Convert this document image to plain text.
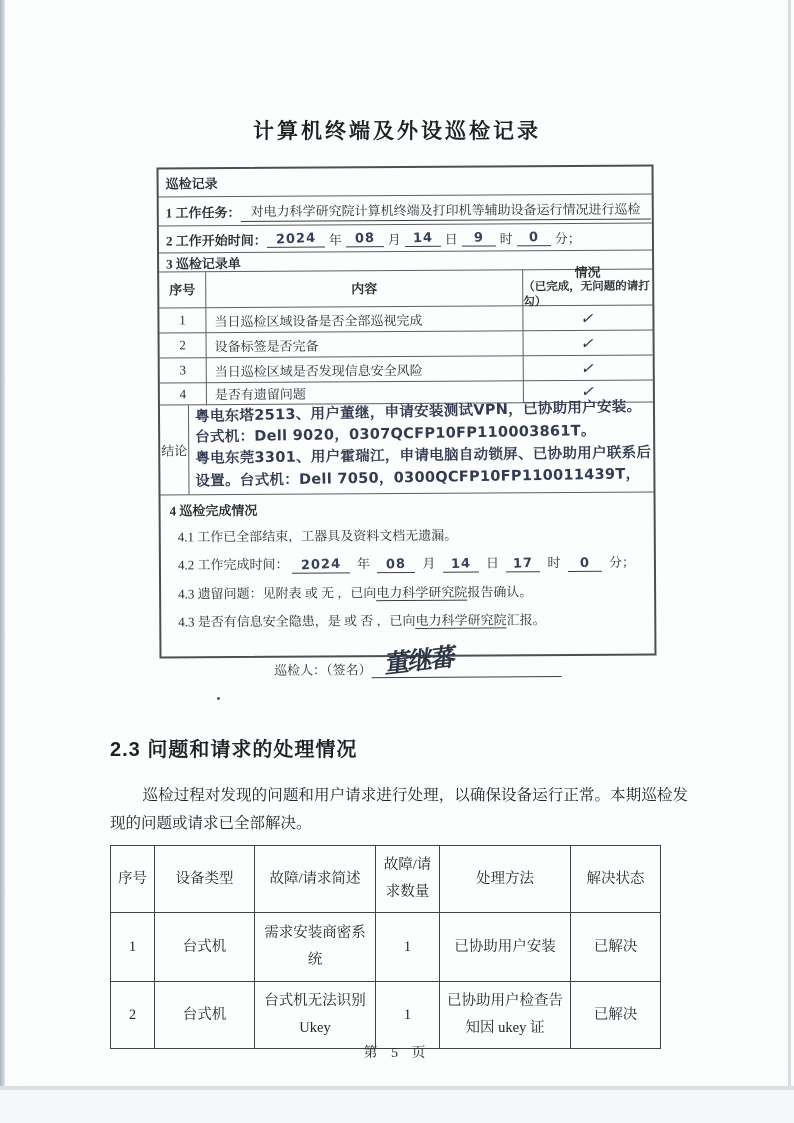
计算机终端及外设巡检记录
巡检记录
1 工作任务： 对电力科学研究院计算机终端及打印机等辅助设备运行情况进行巡检
2 工作开始时间： 2024 年 08 月 14 日	9	时	0	分；
3 巡检记录单
序号	内容
情况
（已完成，无问题的请打勾）
1	当日巡检区域设备是否全部巡视完成	✓
2	设备标签是否完备	✓
3	当日巡检区域是否发现信息安全风险	✓
4	是否有遗留问题	✓
结论
粤电东塔2513、用户董继，申请安装测试VPN，已协助用户安装。
台式机：Dell 9020，0307QCFP10FP110003861T。
粤电东莞3301、用户霍瑞江，申请电脑自动锁屏、已协助用户联系后
设置。台式机：Dell 7050，0300QCFP10FP110011439T，
4 巡检完成情况
4.1 工作已全部结束，工器具及资料文档无遗漏。
4.2 工作完成时间： 2024 年 08 月 14 日 17 时 0 分；
4.3 遗留问题：见附表 或 无 ，已向电力科学研究院报告确认。
4.3 是否有信息安全隐患，是 或 否 ，已向电力科学研究院汇报。
巡检人：（签名） 董继蕃
2.3 问题和请求的处理情况
巡检过程对发现的问题和用户请求进行处理，以确保设备运行正常。本期巡检发现的问题或请求已全部解决。
序号	设备类型	故障/请求简述	故障/请求数量	处理方法	解决状态
1	台式机	需求安装商密系统	1	已协助用户安装	已解决
2	台式机	台式机无法识别 Ukey	1	已协助用户检查告知因 ukey 证	已解决
第 5 页
